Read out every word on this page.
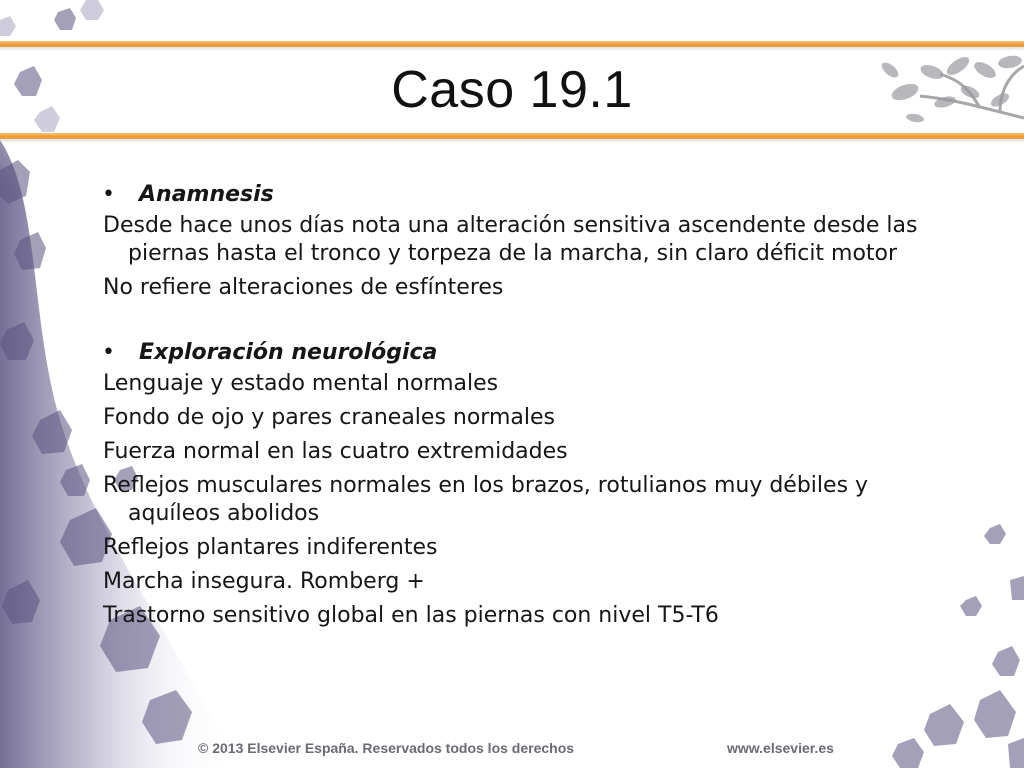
Caso 19.1
• Anamnesis
Desde hace unos días nota una alteración sensitiva ascendente desde las piernas hasta el tronco y torpeza de la marcha, sin claro déficit motor
No refiere alteraciones de esfínteres
• Exploración neurológica
Lenguaje y estado mental normales
Fondo de ojo y pares craneales normales
Fuerza normal en las cuatro extremidades
Reflejos musculares normales en los brazos, rotulianos muy débiles y aquíleos abolidos
Reflejos plantares indiferentes
Marcha insegura. Romberg +
Trastorno sensitivo global en las piernas con nivel T5-T6
© 2013 Elsevier España. Reservados todos los derechos	www.elsevier.es
